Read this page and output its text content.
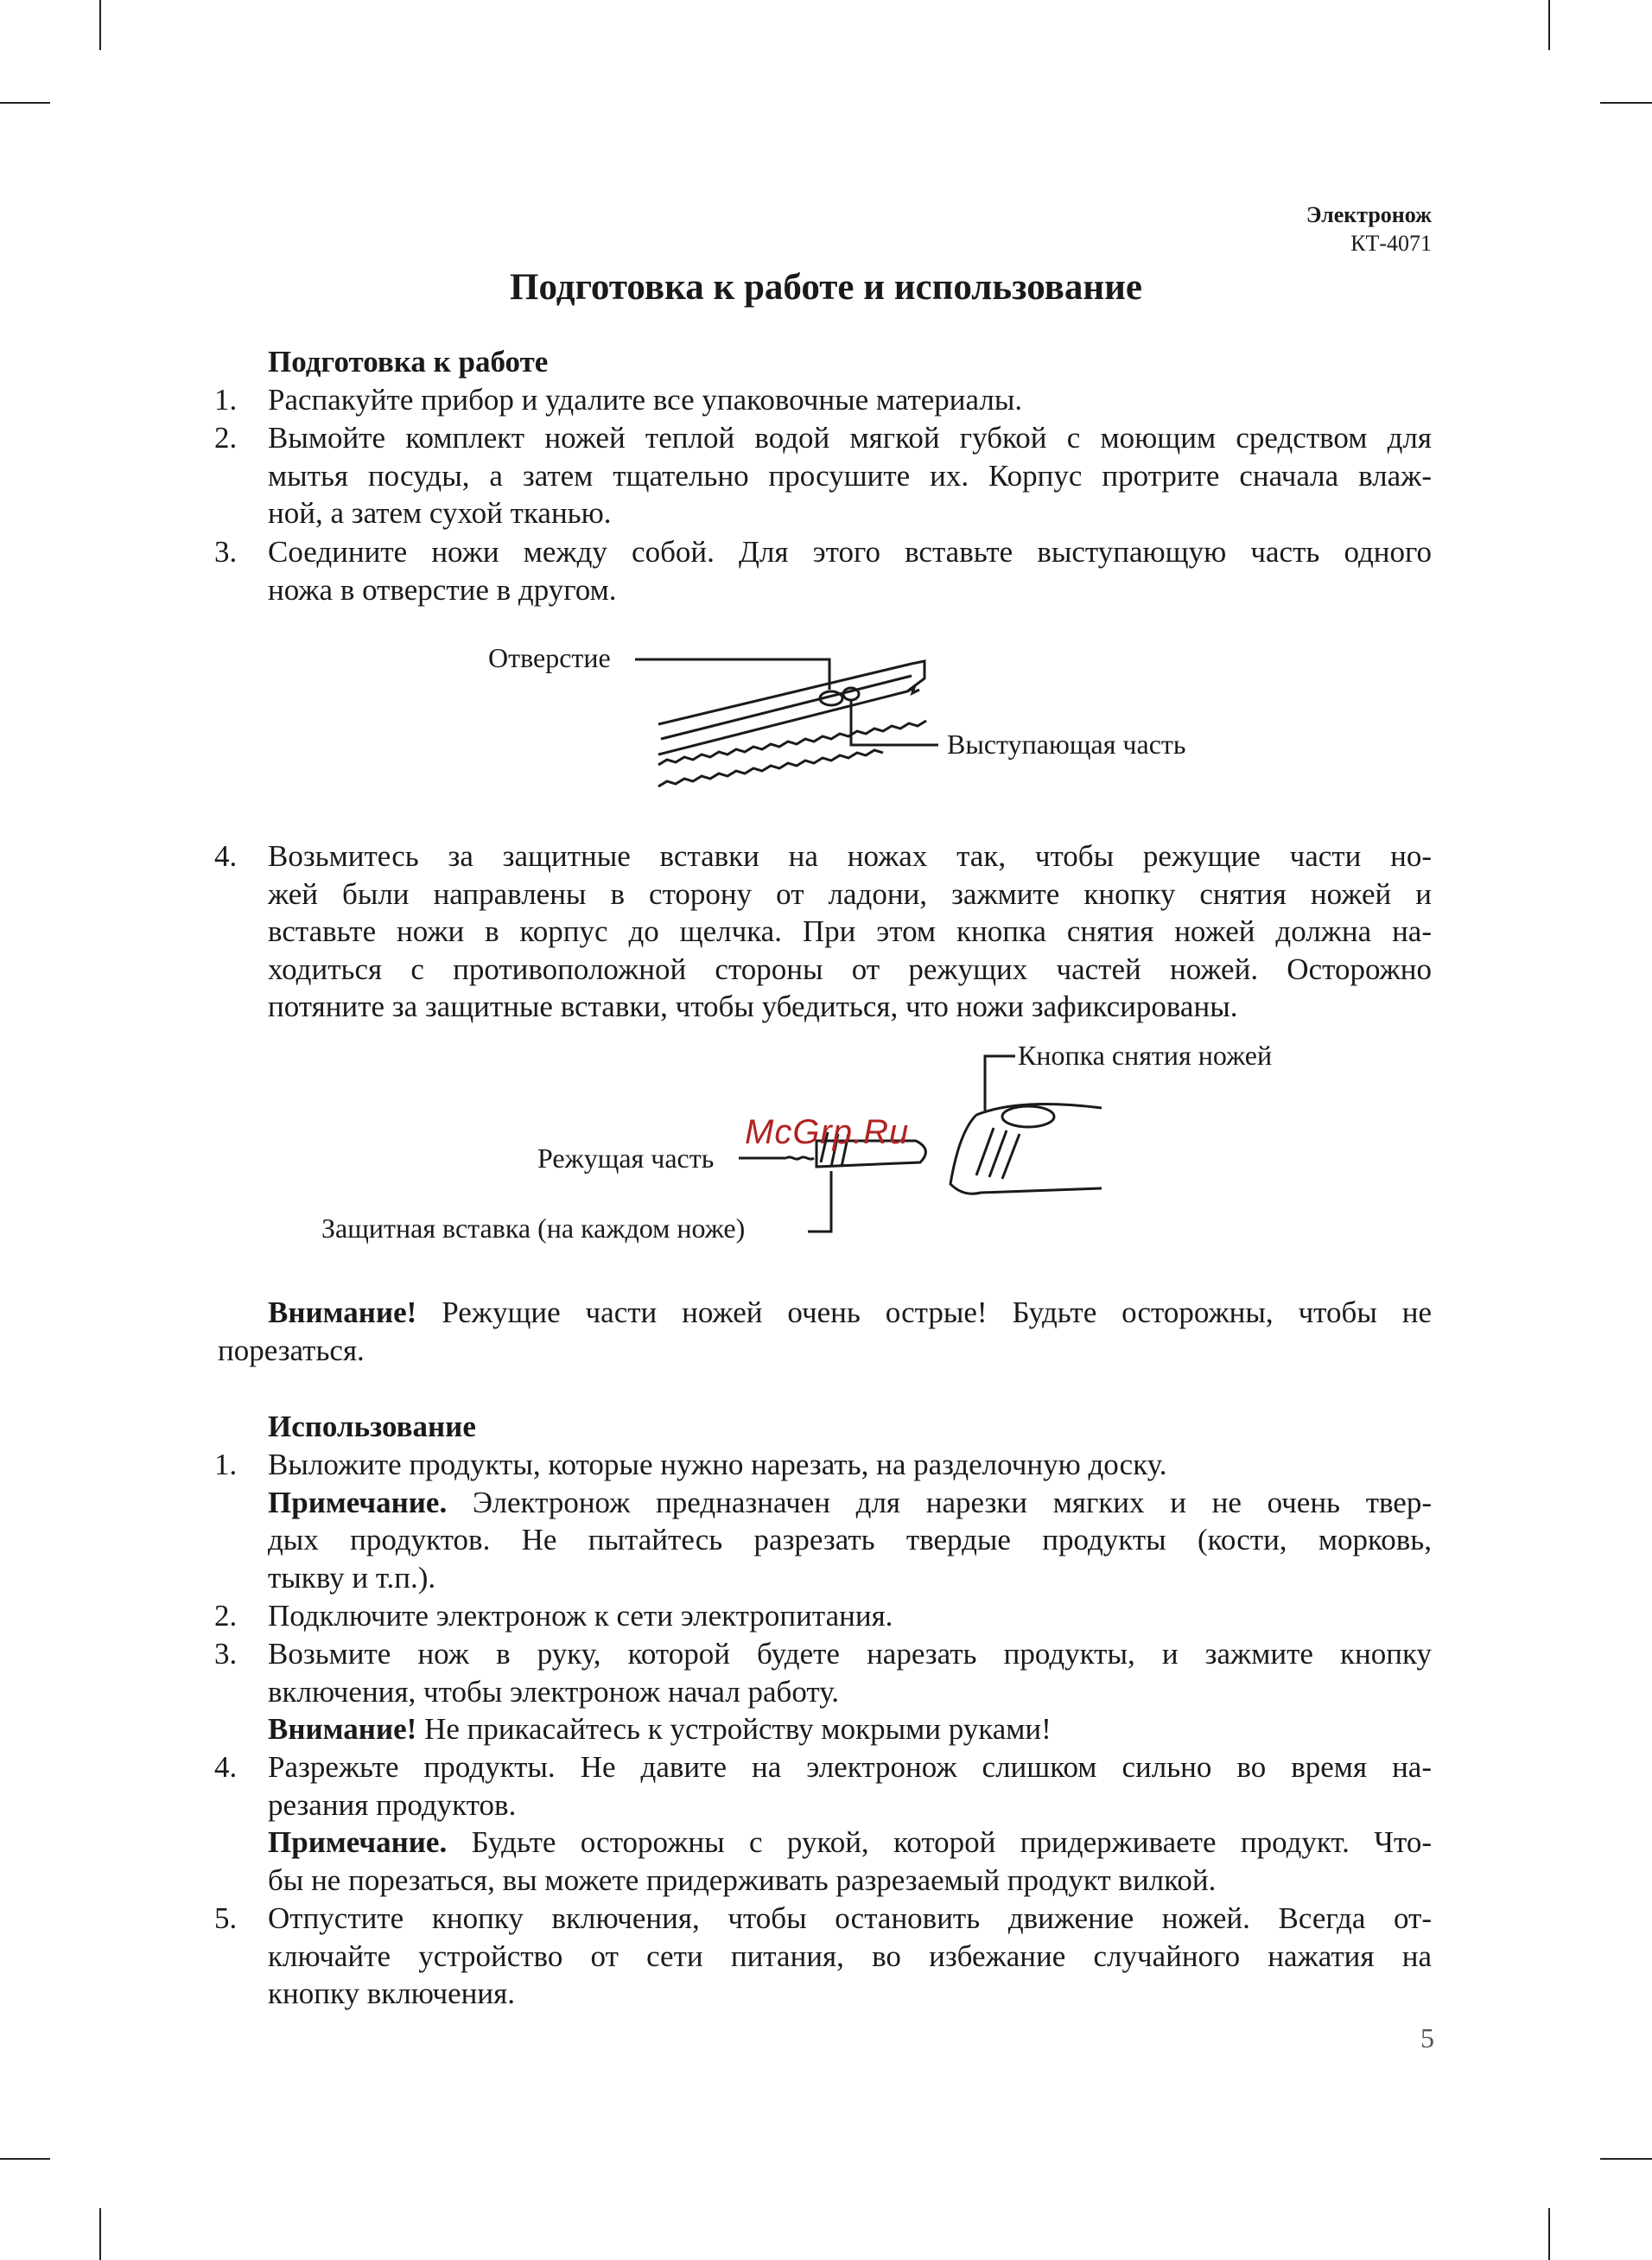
Электронож
КТ-4071
Подготовка к работе и использование
Подготовка к работе
1.	Распакуйте прибор и удалите все упаковочные материалы.
2.	Вымойте комплект ножей теплой водой мягкой губкой с моющим средством для
мытья посуды, а затем тщательно просушите их. Корпус протрите сначала влаж-
ной, а затем сухой тканью.
3.	Соедините ножи между собой. Для этого вставьте выступающую часть одного
ножа в отверстие в другом.
Отверстие
Выступающая часть
4.	Возьмитесь за защитные вставки на ножах так, чтобы режущие части но-
жей были направлены в сторону от ладони, зажмите кнопку снятия ножей и
вставьте ножи в корпус до щелчка. При этом кнопка снятия ножей должна на-
ходиться с противоположной стороны от режущих частей ножей. Осторожно
потяните за защитные вставки, чтобы убедиться, что ножи зафиксированы.
Кнопка снятия ножей
Режущая часть
Защитная вставка (на каждом ноже)
McGrp.Ru
Внимание! Режущие части ножей очень острые! Будьте осторожны, чтобы не
порезаться.
Использование
1.	Выложите продукты, которые нужно нарезать, на разделочную доску.
Примечание. Электронож предназначен для нарезки мягких и не очень твер-
дых продуктов. Не пытайтесь разрезать твердые продукты (кости, морковь,
тыкву и т.п.).
2.	Подключите электронож к сети электропитания.
3.	Возьмите нож в руку, которой будете нарезать продукты, и зажмите кнопку
включения, чтобы электронож начал работу.
Внимание! Не прикасайтесь к устройству мокрыми руками!
4.	Разрежьте продукты. Не давите на электронож слишком сильно во время на-
резания продуктов.
Примечание. Будьте осторожны с рукой, которой придерживаете продукт. Что-
бы не порезаться, вы можете придерживать разрезаемый продукт вилкой.
5.	Отпустите кнопку включения, чтобы остановить движение ножей. Всегда от-
ключайте устройство от сети питания, во избежание случайного нажатия на
кнопку включения.
5
